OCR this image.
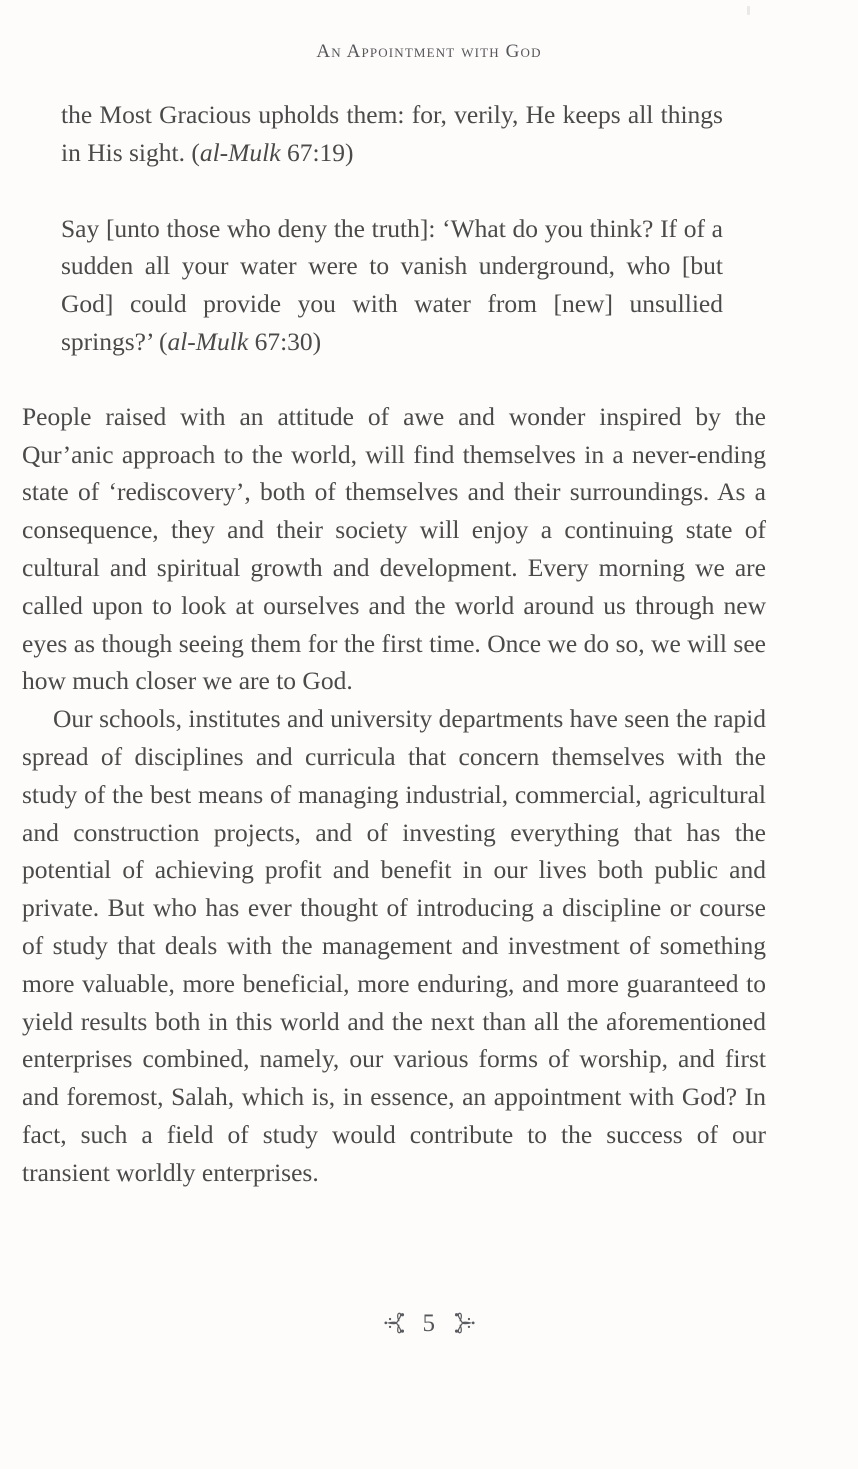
An Appointment with God

the Most Gracious upholds them: for, verily, He keeps all things in His sight. (al-Mulk 67:19)

Say [unto those who deny the truth]: ‘What do you think? If of a sudden all your water were to vanish underground, who [but God] could provide you with water from [new] unsullied springs?’ (al-Mulk 67:30)

People raised with an attitude of awe and wonder inspired by the Qur’anic approach to the world, will find themselves in a never-ending state of ‘rediscovery’, both of themselves and their surroundings. As a consequence, they and their society will enjoy a continuing state of cultural and spiritual growth and development. Every morning we are called upon to look at ourselves and the world around us through new eyes as though seeing them for the first time. Once we do so, we will see how much closer we are to God.

Our schools, institutes and university departments have seen the rapid spread of disciplines and curricula that concern themselves with the study of the best means of managing industrial, commercial, agricultural and construction projects, and of investing everything that has the potential of achieving profit and benefit in our lives both public and private. But who has ever thought of introducing a discipline or course of study that deals with the management and investment of something more valuable, more beneficial, more enduring, and more guaranteed to yield results both in this world and the next than all the aforementioned enterprises combined, namely, our various forms of worship, and first and foremost, Salah, which is, in essence, an appointment with God? In fact, such a field of study would contribute to the success of our transient worldly enterprises.

5
